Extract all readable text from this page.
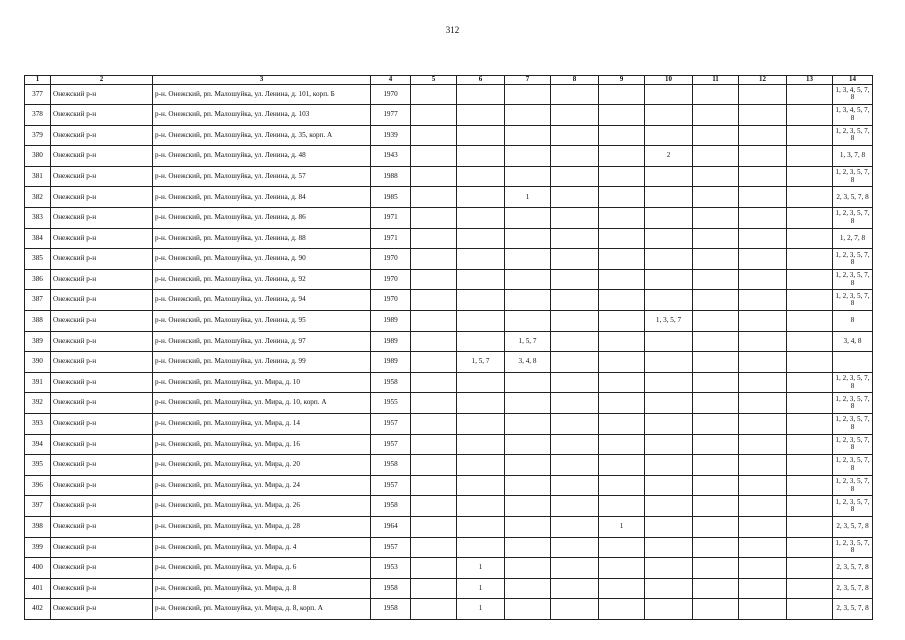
312
1	2	3	4	5	6	7	8	9	10	11	12	13	14
377	Онежский р-н	р-н. Онежский, рп. Малошуйка, ул. Ленина, д. 101, корп. Б	1970										1, 3, 4, 5, 7, 8
378	Онежский р-н	р-н. Онежский, рп. Малошуйка, ул. Ленина, д. 103	1977										1, 3, 4, 5, 7, 8
379	Онежский р-н	р-н. Онежский, рп. Малошуйка, ул. Ленина, д. 35, корп. А	1939										1, 2, 3, 5, 7, 8
380	Онежский р-н	р-н. Онежский, рп. Малошуйка, ул. Ленина, д. 48	1943						2				1, 3, 7, 8
381	Онежский р-н	р-н. Онежский, рп. Малошуйка, ул. Ленина, д. 57	1988										1, 2, 3, 5, 7, 8
382	Онежский р-н	р-н. Онежский, рп. Малошуйка, ул. Ленина, д. 84	1985			1							2, 3, 5, 7, 8
383	Онежский р-н	р-н. Онежский, рп. Малошуйка, ул. Ленина, д. 86	1971										1, 2, 3, 5, 7, 8
384	Онежский р-н	р-н. Онежский, рп. Малошуйка, ул. Ленина, д. 88	1971										1, 2, 7, 8
385	Онежский р-н	р-н. Онежский, рп. Малошуйка, ул. Ленина, д. 90	1970										1, 2, 3, 5, 7, 8
386	Онежский р-н	р-н. Онежский, рп. Малошуйка, ул. Ленина, д. 92	1970										1, 2, 3, 5, 7, 8
387	Онежский р-н	р-н. Онежский, рп. Малошуйка, ул. Ленина, д. 94	1970										1, 2, 3, 5, 7, 8
388	Онежский р-н	р-н. Онежский, рп. Малошуйка, ул. Ленина, д. 95	1989						1, 3, 5, 7				8
389	Онежский р-н	р-н. Онежский, рп. Малошуйка, ул. Ленина, д. 97	1989			1, 5, 7							3, 4, 8
390	Онежский р-н	р-н. Онежский, рп. Малошуйка, ул. Ленина, д. 99	1989		1, 5, 7	3, 4, 8							
391	Онежский р-н	р-н. Онежский, рп. Малошуйка, ул. Мира, д. 10	1958										1, 2, 3, 5, 7, 8
392	Онежский р-н	р-н. Онежский, рп. Малошуйка, ул. Мира, д. 10, корп. А	1955										1, 2, 3, 5, 7, 8
393	Онежский р-н	р-н. Онежский, рп. Малошуйка, ул. Мира, д. 14	1957										1, 2, 3, 5, 7, 8
394	Онежский р-н	р-н. Онежский, рп. Малошуйка, ул. Мира, д. 16	1957										1, 2, 3, 5, 7, 8
395	Онежский р-н	р-н. Онежский, рп. Малошуйка, ул. Мира, д. 20	1958										1, 2, 3, 5, 7, 8
396	Онежский р-н	р-н. Онежский, рп. Малошуйка, ул. Мира, д. 24	1957										1, 2, 3, 5, 7, 8
397	Онежский р-н	р-н. Онежский, рп. Малошуйка, ул. Мира, д. 26	1958										1, 2, 3, 5, 7, 8
398	Онежский р-н	р-н. Онежский, рп. Малошуйка, ул. Мира, д. 28	1964					1					2, 3, 5, 7, 8
399	Онежский р-н	р-н. Онежский, рп. Малошуйка, ул. Мира, д. 4	1957										1, 2, 3, 5, 7, 8
400	Онежский р-н	р-н. Онежский, рп. Малошуйка, ул. Мира, д. 6	1953		1								2, 3, 5, 7, 8
401	Онежский р-н	р-н. Онежский, рп. Малошуйка, ул. Мира, д. 8	1958		1								2, 3, 5, 7, 8
402	Онежский р-н	р-н. Онежский, рп. Малошуйка, ул. Мира, д. 8, корп. А	1958		1								2, 3, 5, 7, 8
